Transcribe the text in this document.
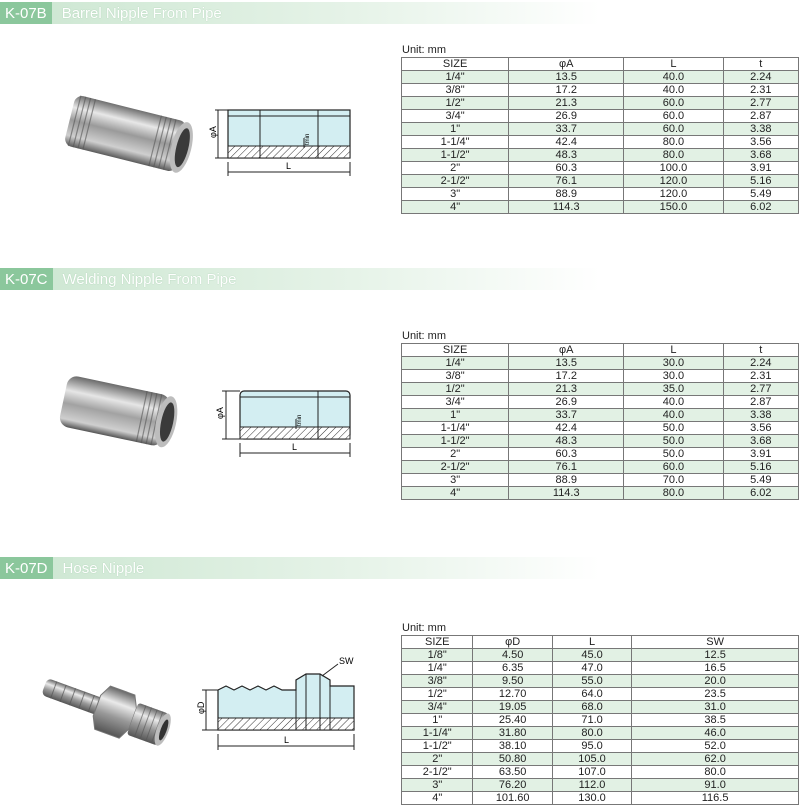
K-07B	Barrel Nipple From Pipe
φA
L
tmin
Unit: mm
SIZE	φA	L	t
1/4"	13.5	40.0	2.24
3/8"	17.2	40.0	2.31
1/2"	21.3	60.0	2.77
3/4"	26.9	60.0	2.87
1"	33.7	60.0	3.38
1-1/4"	42.4	80.0	3.56
1-1/2"	48.3	80.0	3.68
2"	60.3	100.0	3.91
2-1/2"	76.1	120.0	5.16
3"	88.9	120.0	5.49
4"	114.3	150.0	6.02
K-07C	Welding Nipple From Pipe
φA
L
tmin
Unit: mm
SIZE	φA	L	t
1/4"	13.5	30.0	2.24
3/8"	17.2	30.0	2.31
1/2"	21.3	35.0	2.77
3/4"	26.9	40.0	2.87
1"	33.7	40.0	3.38
1-1/4"	42.4	50.0	3.56
1-1/2"	48.3	50.0	3.68
2"	60.3	50.0	3.91
2-1/2"	76.1	60.0	5.16
3"	88.9	70.0	5.49
4"	114.3	80.0	6.02
K-07D	Hose Nipple
φD
L
SW
Unit: mm
SIZE	φD	L	SW
1/8"	4.50	45.0	12.5
1/4"	6.35	47.0	16.5
3/8"	9.50	55.0	20.0
1/2"	12.70	64.0	23.5
3/4"	19.05	68.0	31.0
1"	25.40	71.0	38.5
1-1/4"	31.80	80.0	46.0
1-1/2"	38.10	95.0	52.0
2"	50.80	105.0	62.0
2-1/2"	63.50	107.0	80.0
3"	76.20	112.0	91.0
4"	101.60	130.0	116.5
